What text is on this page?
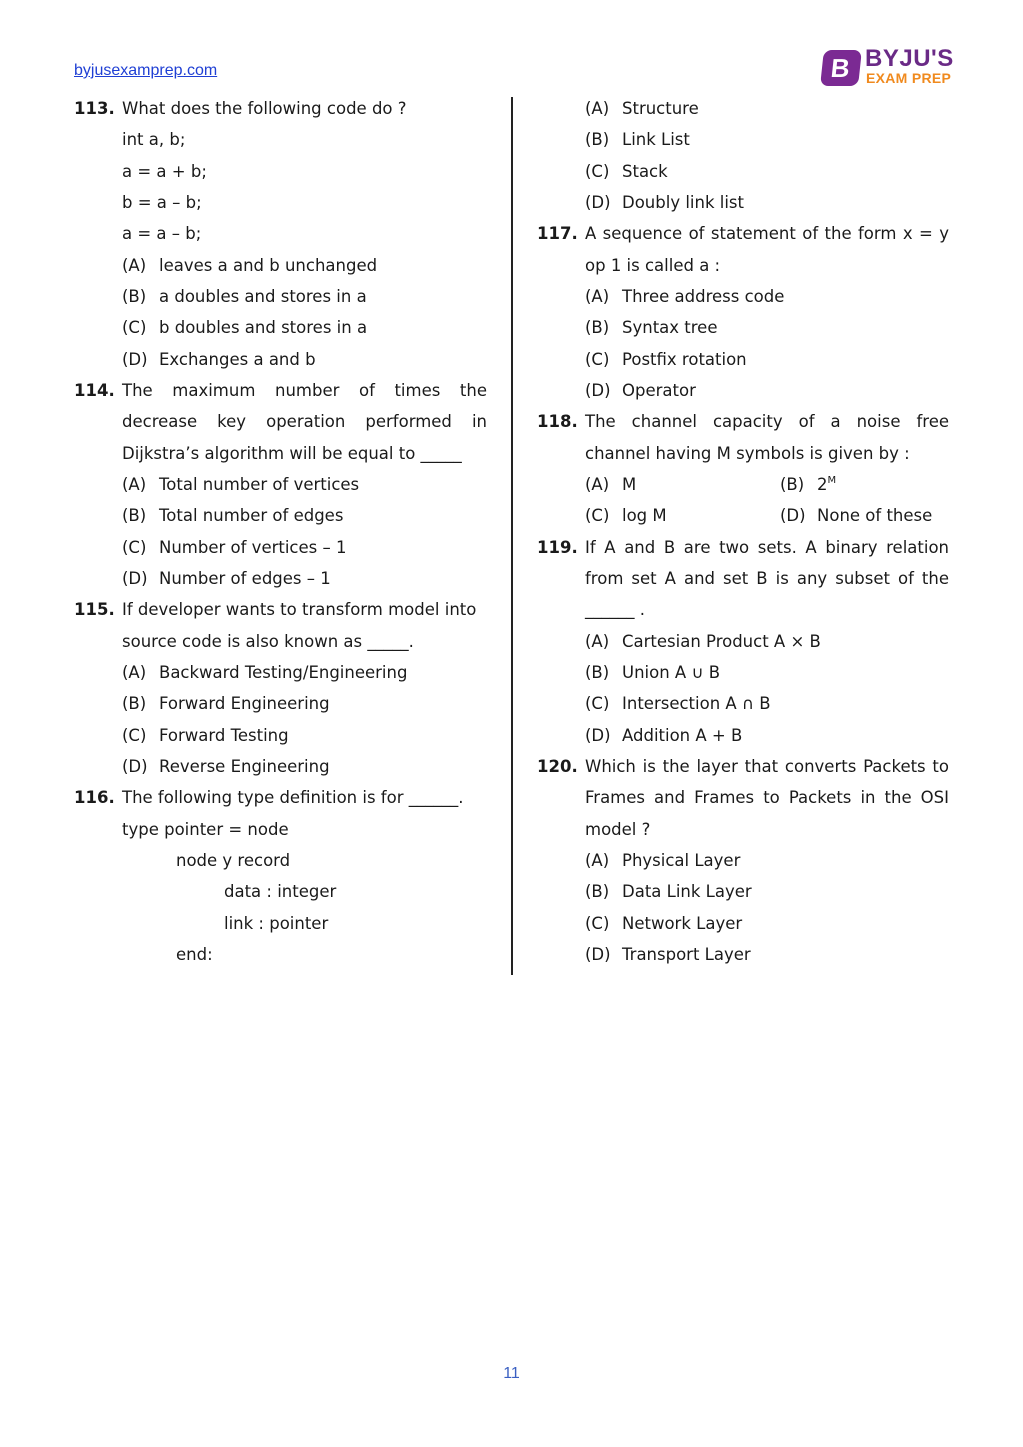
byjusexamprep.com	B BYJU'S
EXAM PREP
113. What does the following code do ?
int a, b;
a = a + b;
b = a – b;
a = a – b;
(A) leaves a and b unchanged
(B) a doubles and stores in a
(C) b doubles and stores in a
(D) Exchanges a and b
114. The maximum number of times the
decrease key operation performed in
Dijkstra’s algorithm will be equal to _____
(A) Total number of vertices
(B) Total number of edges
(C) Number of vertices – 1
(D) Number of edges – 1
115. If developer wants to transform model into
source code is also known as _____.
(A) Backward Testing/Engineering
(B) Forward Engineering
(C) Forward Testing
(D) Reverse Engineering
116. The following type definition is for ______.
type pointer = node
node y record
data : integer
link : pointer
end:
(A) Structure
(B) Link List
(C) Stack
(D) Doubly link list
117. A sequence of statement of the form x = y
op 1 is called a :
(A) Three address code
(B) Syntax tree
(C) Postfix rotation
(D) Operator
118. The channel capacity of a noise free
channel having M symbols is given by :
(A) M	(B) $2^M$
(C) log M	(D) None of these
119. If A and B are two sets. A binary relation
from set A and set B is any subset of the
______ .
(A) Cartesian Product A × B
(B) Union A ∪ B
(C) Intersection A ∩ B
(D) Addition A + B
120. Which is the layer that converts Packets to
Frames and Frames to Packets in the OSI
model ?
(A) Physical Layer
(B) Data Link Layer
(C) Network Layer
(D) Transport Layer
11
